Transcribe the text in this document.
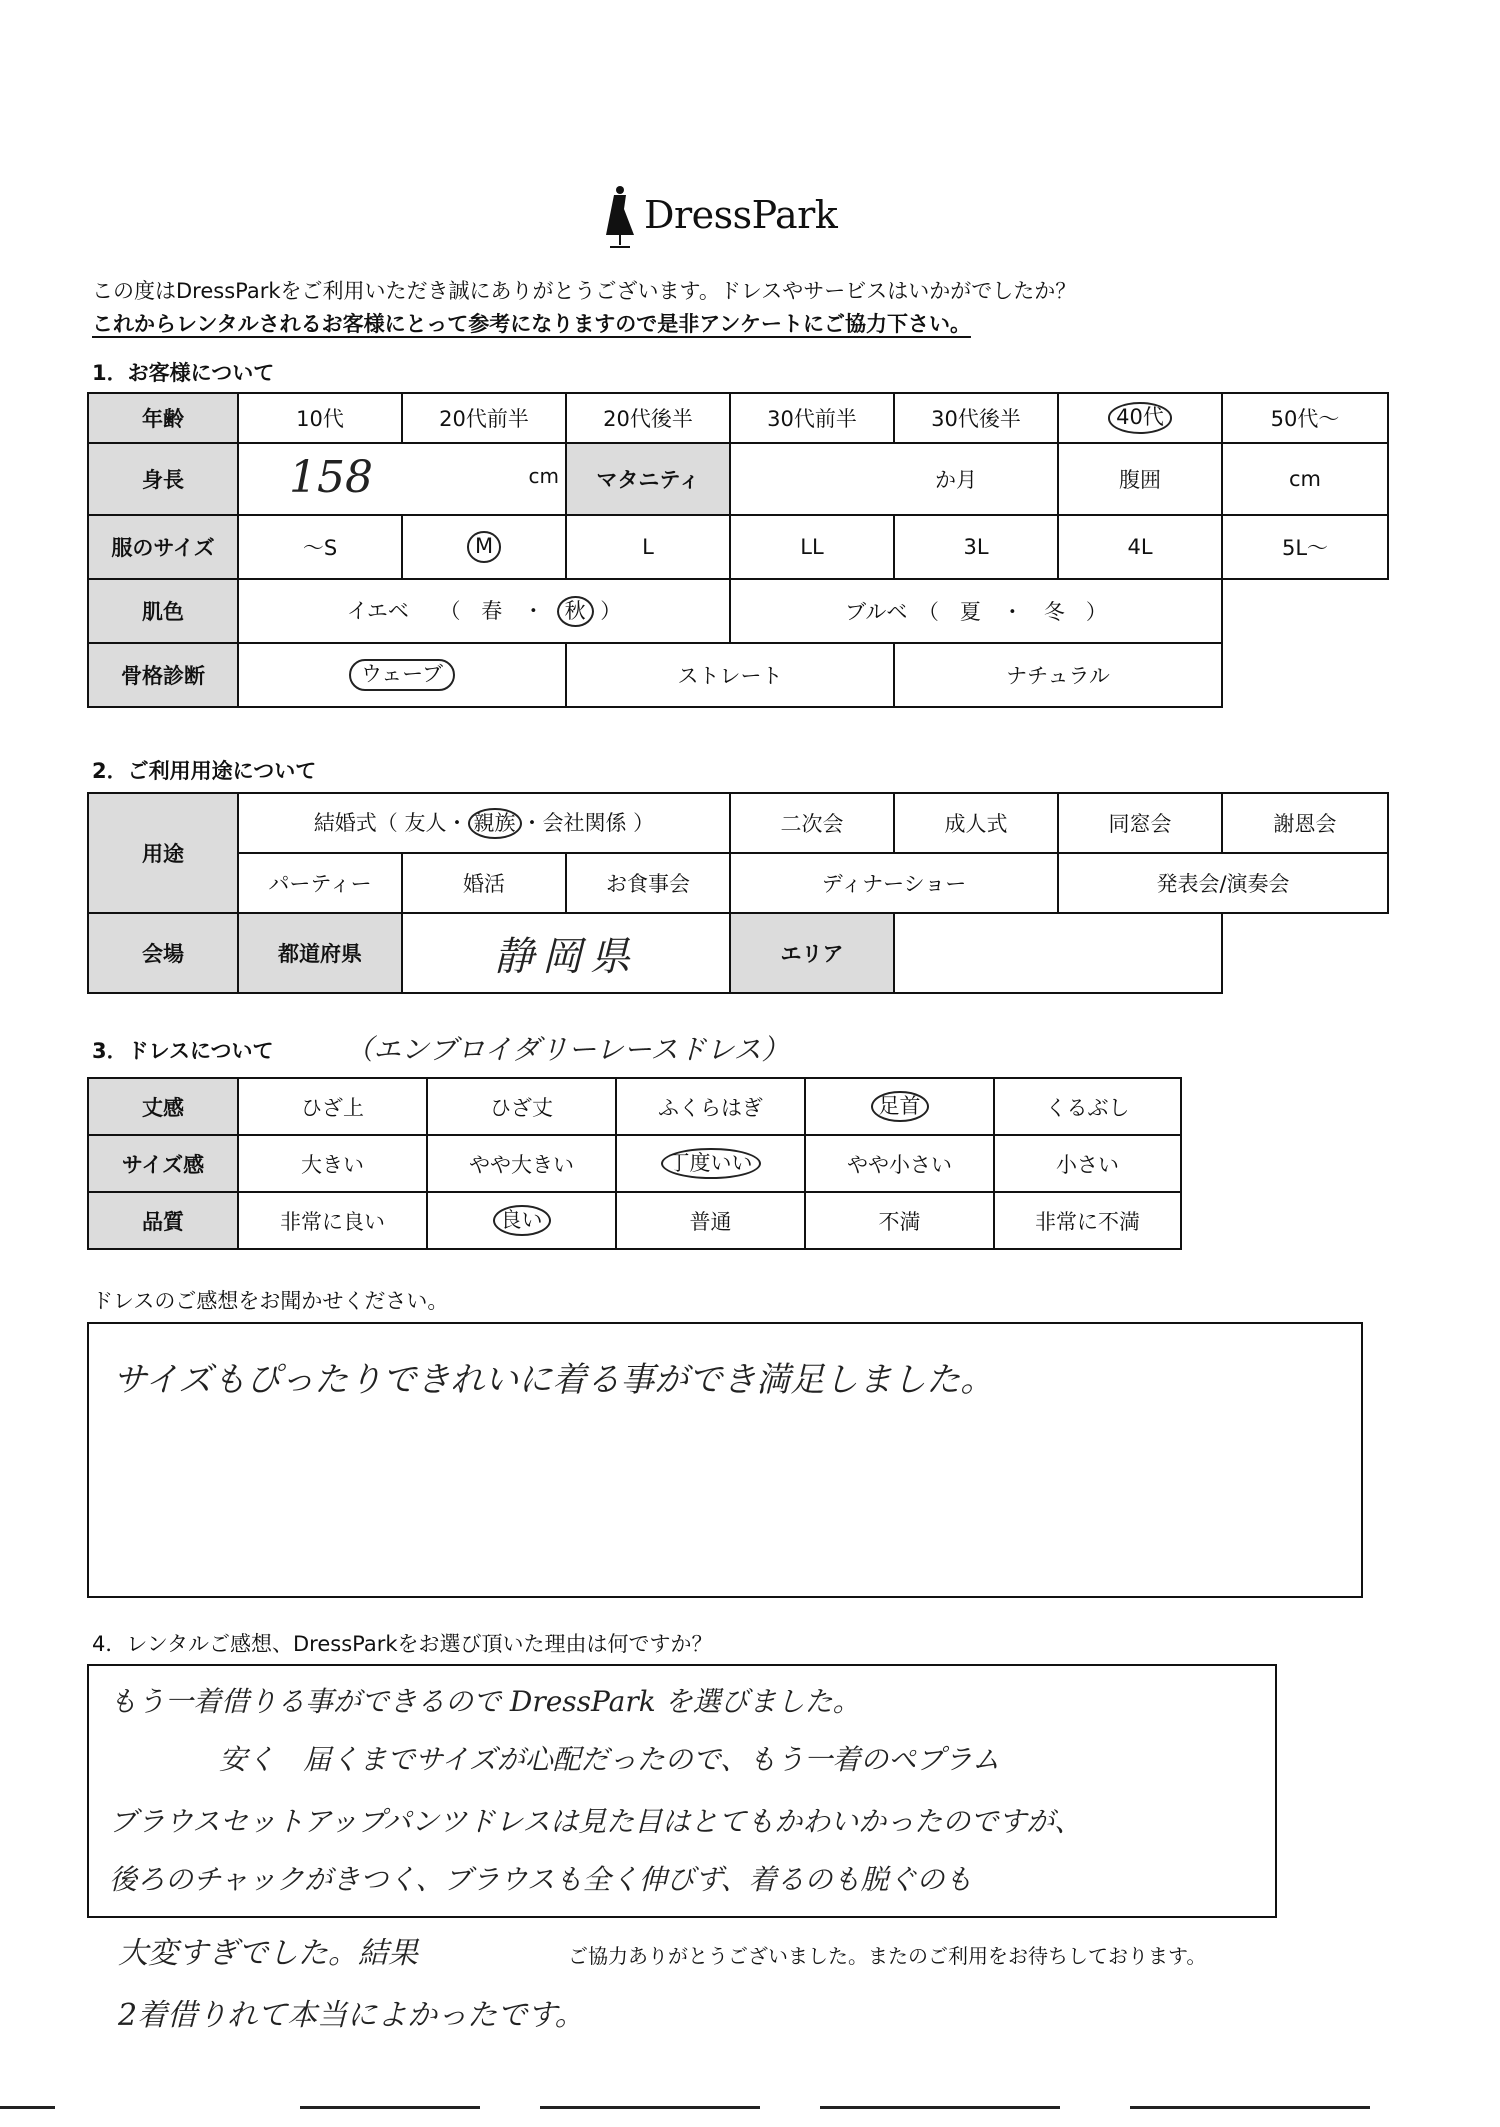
DressPark
この度はDressParkをご利用いただき誠にありがとうございます。ドレスやサービスはいかがでしたか？
これからレンタルされるお客様にとって参考になりますので是非アンケートにご協力下さい。
1．お客様について
年齢	10代	20代前半	20代後半	30代前半	30代後半	40代	50代〜
身長	158 cm		マタニティ	か月		腹囲	cm
服のサイズ	〜S	M	L	LL	3L	4L	5L〜
肌色	イエベ （ 春 ・ 秋 ）			ブルベ　（　夏　・　冬　）			
骨格診断	ウェーブ		ストレート		ナチュラル		
2．ご利用用途について
用途	結婚式（ 友人・ 親族 ・会社関係 ）			二次会	成人式	同窓会	謝恩会
	パーティー	婚活	お食事会	ディナーショー		発表会/演奏会	
会場	都道府県	静岡県		エリア			
3．ドレスについて	（エンブロイダリーレースドレス）
丈感	ひざ上	ひざ丈	ふくらはぎ	足首	くるぶし
サイズ感	大きい	やや大きい	丁度いい	やや小さい	小さい
品質	非常に良い	良い	普通	不満	非常に不満
ドレスのご感想をお聞かせください。
サイズもぴったりできれいに着る事ができ満足しました。
4．レンタルご感想、DressParkをお選び頂いた理由は何ですか？
もう一着借りる事ができるので DressPark を選びました。
安く　届くまでサイズが心配だったので、もう一着のペプラム
ブラウスセットアップパンツドレスは見た目はとてもかわいかったのですが、
後ろのチャックがきつく、ブラウスも全く伸びず、着るのも脱ぐのも
大変すぎでした。結果
2着借りれて本当によかったです。
ご協力ありがとうございました。またのご利用をお待ちしております。
